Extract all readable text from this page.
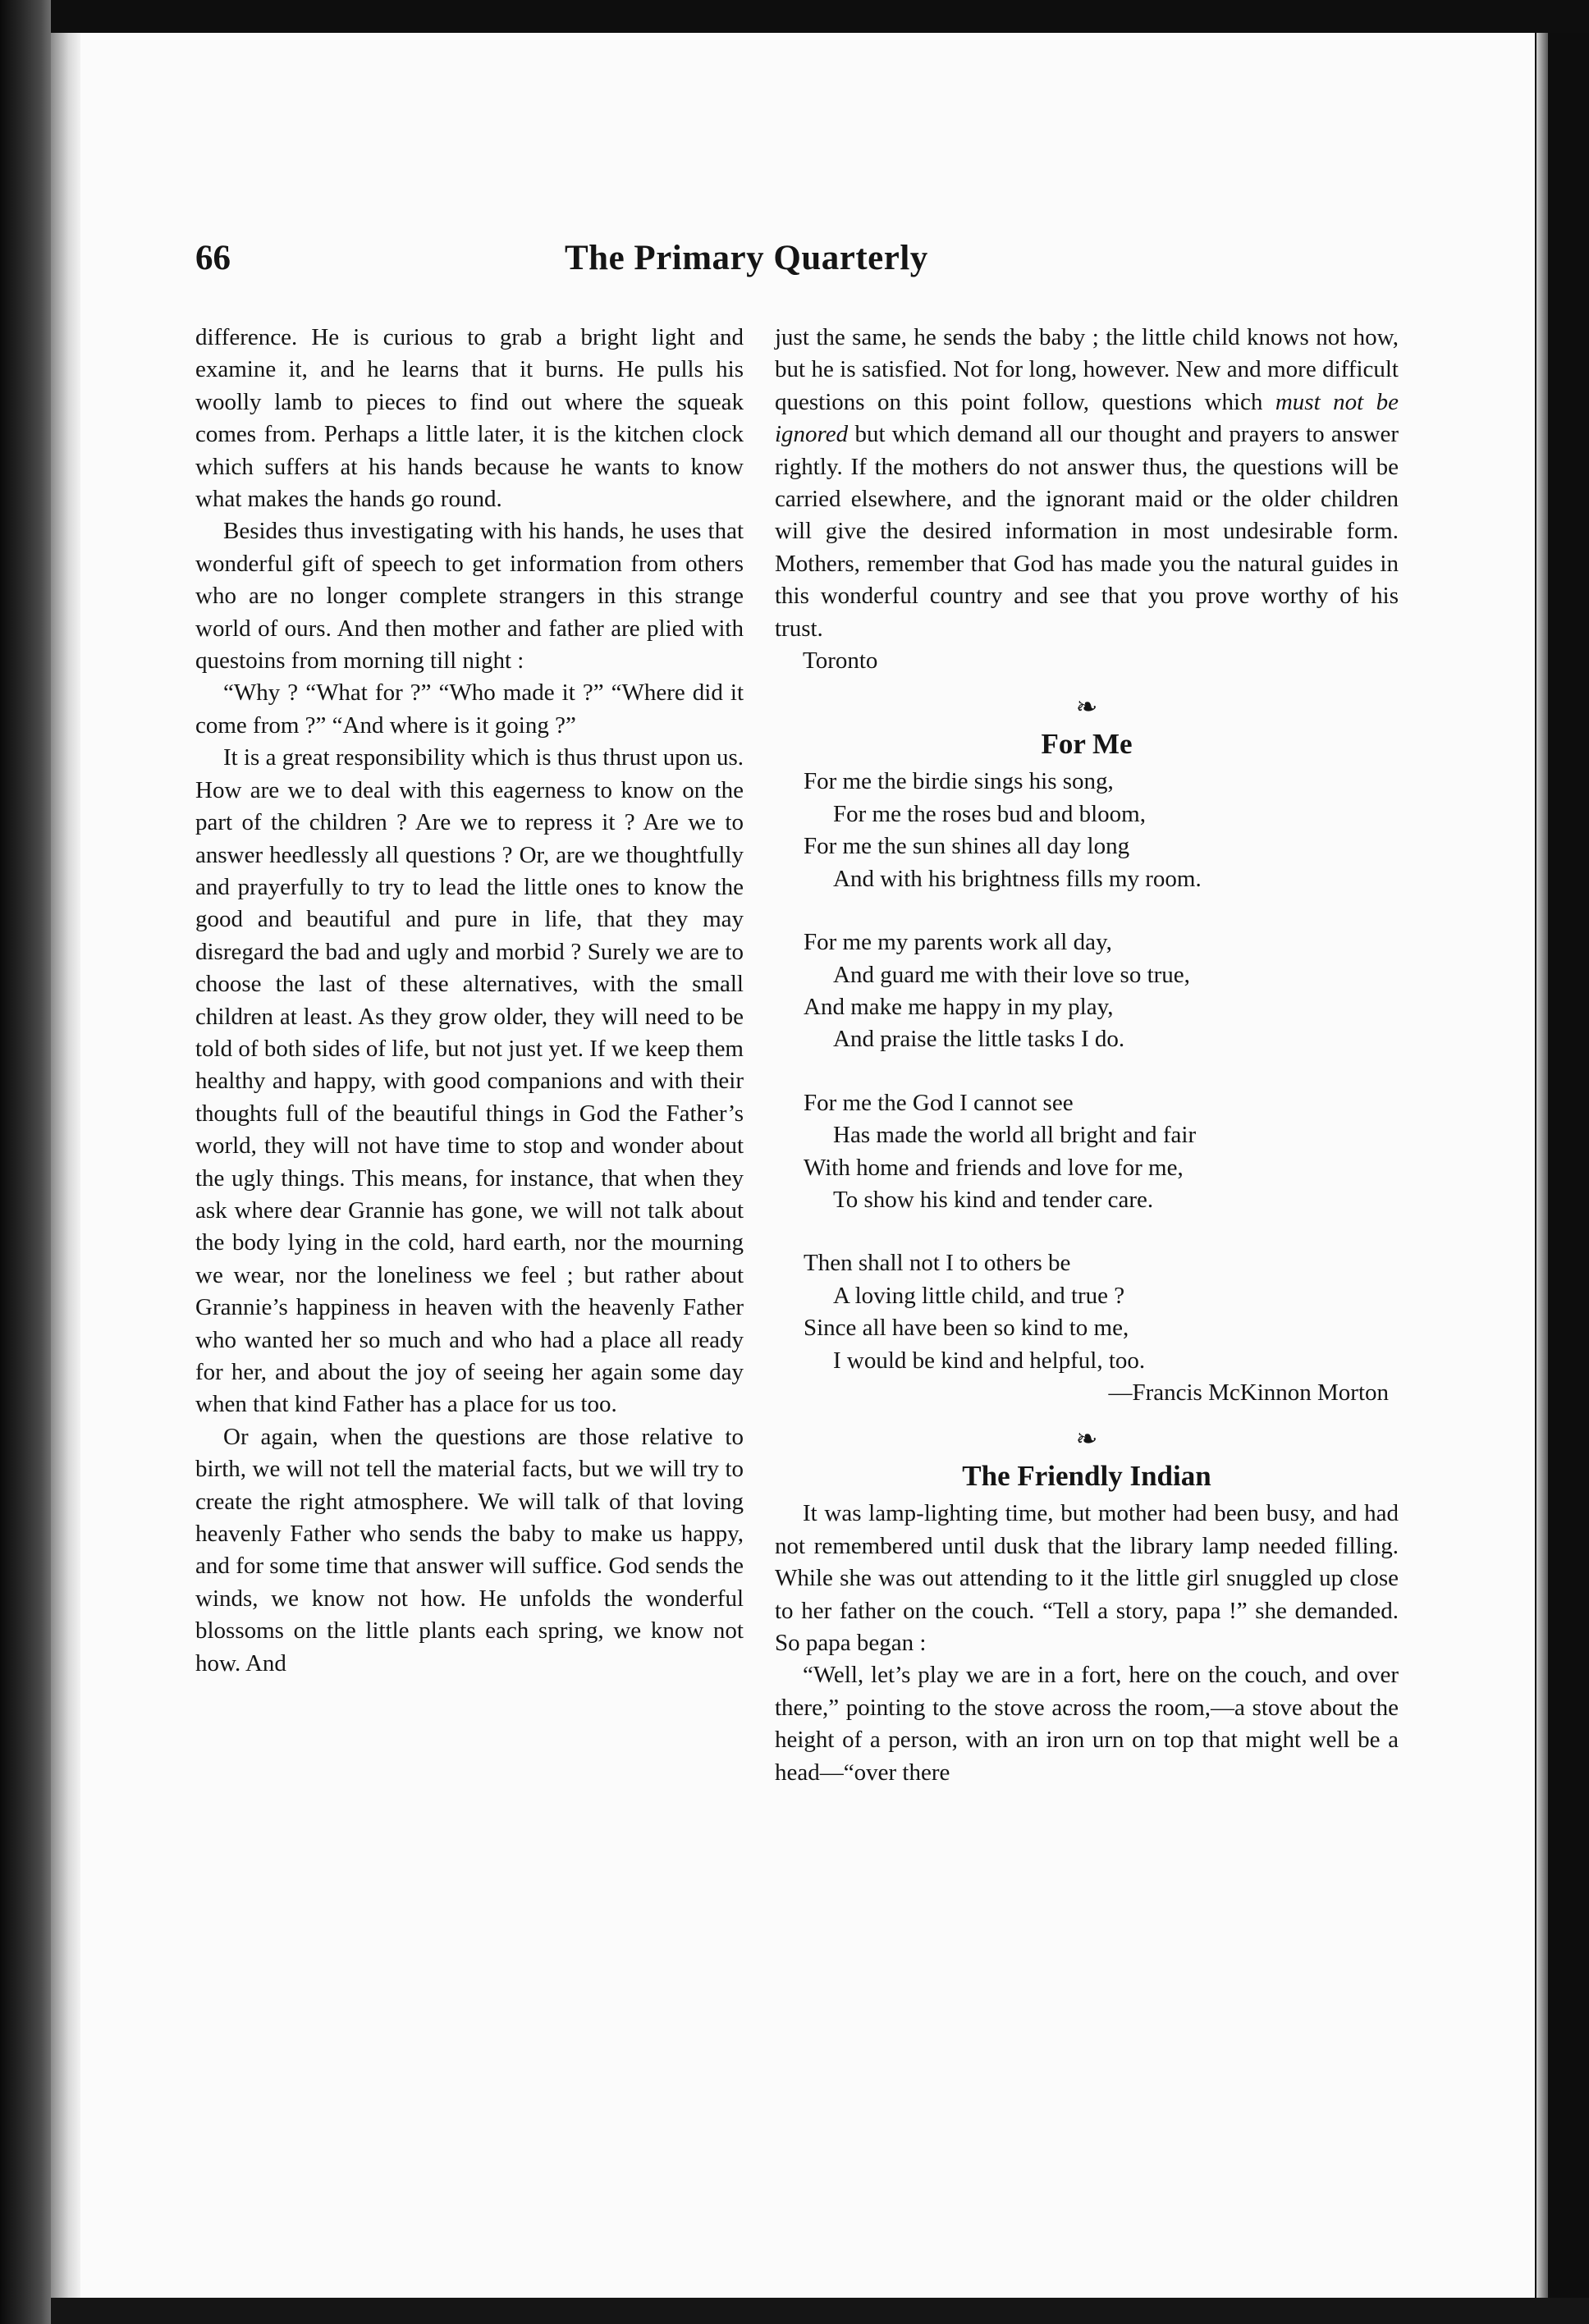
66	The Primary Quarterly

difference. He is curious to grab a bright light and examine it, and he learns that it burns. He pulls his woolly lamb to pieces to find out where the squeak comes from. Perhaps a little later, it is the kitchen clock which suffers at his hands because he wants to know what makes the hands go round.

Besides thus investigating with his hands, he uses that wonderful gift of speech to get information from others who are no longer complete strangers in this strange world of ours. And then mother and father are plied with questoins from morning till night :

“Why ? “What for ?” “Who made it ?” “Where did it come from ?” “And where is it going ?”

It is a great responsibility which is thus thrust upon us. How are we to deal with this eagerness to know on the part of the children ? Are we to repress it ? Are we to answer heedlessly all questions ? Or, are we thoughtfully and prayerfully to try to lead the little ones to know the good and beautiful and pure in life, that they may disregard the bad and ugly and morbid ? Surely we are to choose the last of these alternatives, with the small children at least. As they grow older, they will need to be told of both sides of life, but not just yet. If we keep them healthy and happy, with good companions and with their thoughts full of the beautiful things in God the Father’s world, they will not have time to stop and wonder about the ugly things. This means, for instance, that when they ask where dear Grannie has gone, we will not talk about the body lying in the cold, hard earth, nor the mourning we wear, nor the loneliness we feel ; but rather about Grannie’s happiness in heaven with the heavenly Father who wanted her so much and who had a place all ready for her, and about the joy of seeing her again some day when that kind Father has a place for us too.

Or again, when the questions are those relative to birth, we will not tell the material facts, but we will try to create the right atmosphere. We will talk of that loving heavenly Father who sends the baby to make us happy, and for some time that answer will suffice. God sends the winds, we know not how. He unfolds the wonderful blossoms on the little plants each spring, we know not how. And

just the same, he sends the baby ; the little child knows not how, but he is satisfied. Not for long, however. New and more difficult questions on this point follow, questions which must not be ignored but which demand all our thought and prayers to answer rightly. If the mothers do not answer thus, the questions will be carried elsewhere, and the ignorant maid or the older children will give the desired information in most undesirable form. Mothers, remember that God has made you the natural guides in this wonderful country and see that you prove worthy of his trust.

Toronto

❧
For Me
For me the birdie sings his song,
For me the roses bud and bloom,
For me the sun shines all day long
And with his brightness fills my room.
For me my parents work all day,
And guard me with their love so true,
And make me happy in my play,
And praise the little tasks I do.
For me the God I cannot see
Has made the world all bright and fair
With home and friends and love for me,
To show his kind and tender care.
Then shall not I to others be
A loving little child, and true ?
Since all have been so kind to me,
I would be kind and helpful, too.

—Francis McKinnon Morton

❧
The Friendly Indian

It was lamp-lighting time, but mother had been busy, and had not remembered until dusk that the library lamp needed filling. While she was out attending to it the little girl snuggled up close to her father on the couch. “Tell a story, papa !” she demanded. So papa began :

“Well, let’s play we are in a fort, here on the couch, and over there,” pointing to the stove across the room,—a stove about the height of a person, with an iron urn on top that might well be a head—“over there
